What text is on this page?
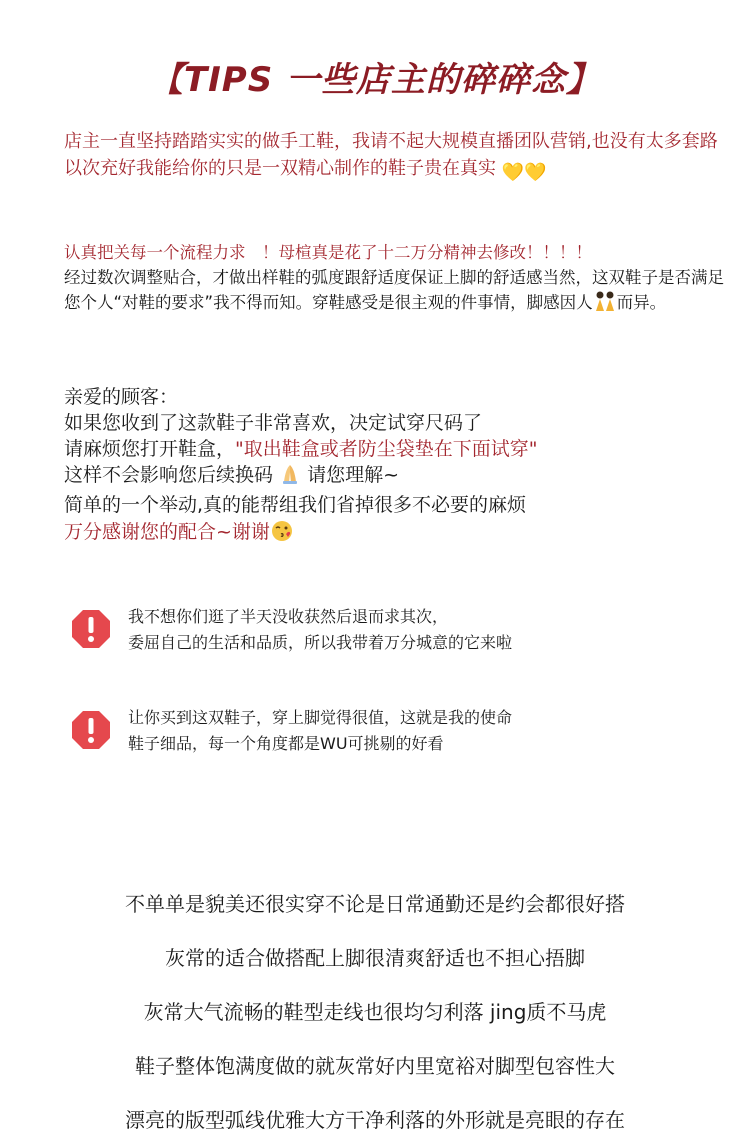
【TIPS 一些店主的碎碎念】
店主一直坚持踏踏实实的做手工鞋，我请不起大规模直播团队营销,也没有太多套路以次充好我能给你的只是一双精心制作的鞋子贵在真实 💛💛
认真把关每一个流程力求　！母楦真是花了十二万分精神去修改！！！！
经过数次调整贴合，才做出样鞋的弧度跟舒适度保证上脚的舒适感当然，这双鞋子是否满足您个人“对鞋的要求”我不得而知。穿鞋感受是很主观的件事情，脚感因人 而异。
亲爱的顾客：
如果您收到了这款鞋子非常喜欢，决定试穿尺码了
请麻烦您打开鞋盒，"取出鞋盒或者防尘袋垫在下面试穿"
这样不会影响您后续换码 请您理解~
简单的一个举动,真的能帮组我们省掉很多不必要的麻烦
万分感谢您的配合~谢谢
我不想你们逛了半天没收获然后退而求其次，
委屈自己的生活和品质，所以我带着万分城意的它来啦
让你买到这双鞋子，穿上脚觉得很值，这就是我的使命
鞋子细品，每一个角度都是WU可挑剔的好看
不单单是貌美还很实穿不论是日常通勤还是约会都很好搭
灰常的适合做搭配上脚很清爽舒适也不担心捂脚
灰常大气流畅的鞋型走线也很均匀利落 jing质不马虎
鞋子整体饱满度做的就灰常好内里宽裕对脚型包容性大
漂亮的版型弧线优雅大方干净利落的外形就是亮眼的存在
